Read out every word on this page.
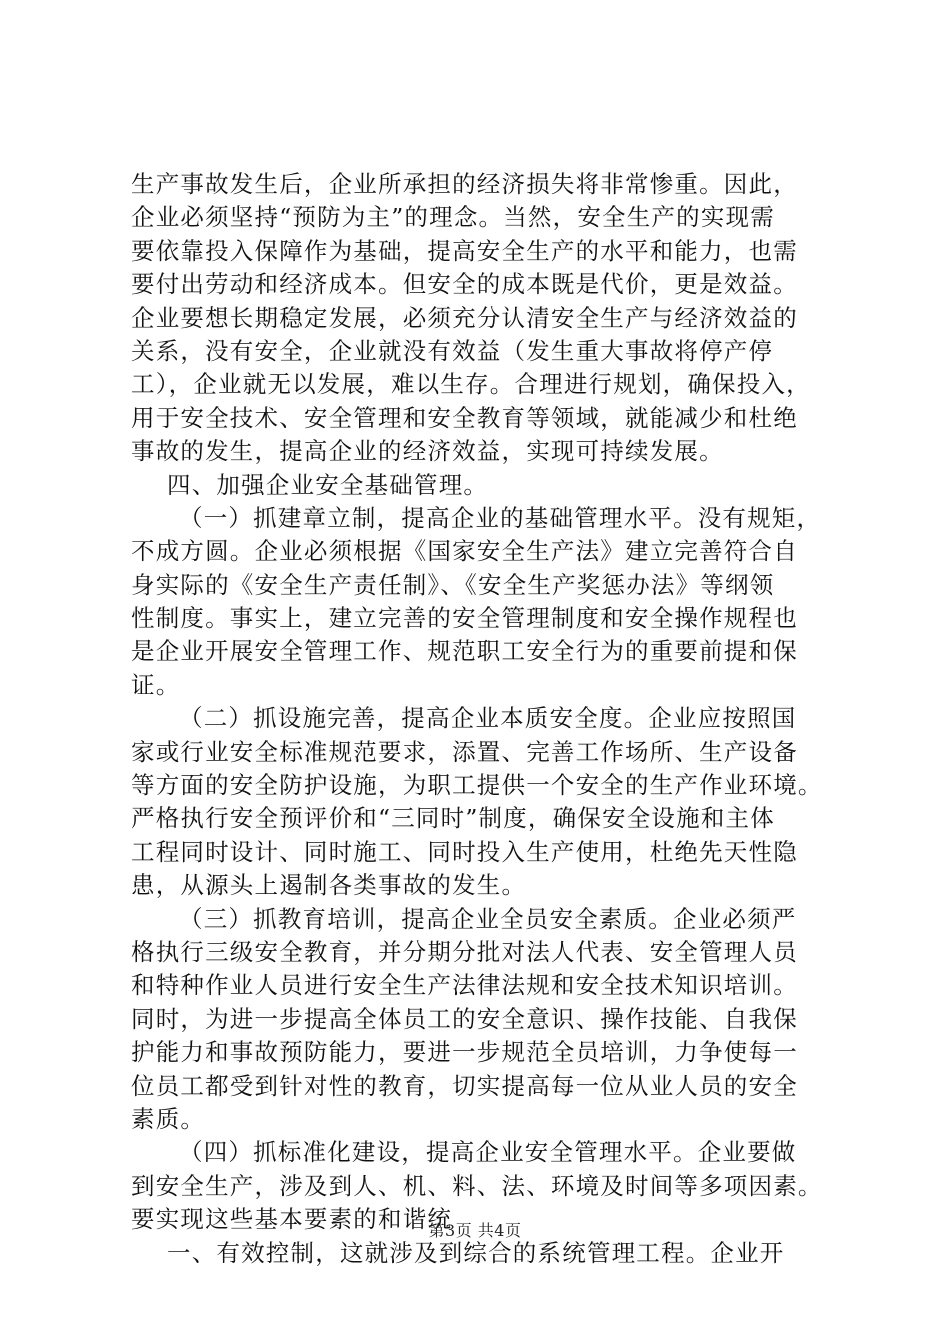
生产事故发生后，企业所承担的经济损失将非常惨重。因此，
企业必须坚持“预防为主”的理念。当然，安全生产的实现需
要依靠投入保障作为基础，提高安全生产的水平和能力，也需
要付出劳动和经济成本。但安全的成本既是代价，更是效益。
企业要想长期稳定发展，必须充分认清安全生产与经济效益的
关系，没有安全，企业就没有效益（发生重大事故将停产停
工），企业就无以发展，难以生存。合理进行规划，确保投入，
用于安全技术、安全管理和安全教育等领域，就能减少和杜绝
事故的发生，提高企业的经济效益，实现可持续发展。
四、加强企业安全基础管理。
（一）抓建章立制，提高企业的基础管理水平。没有规矩，
不成方圆。企业必须根据《国家安全生产法》建立完善符合自
身实际的《安全生产责任制》、《安全生产奖惩办法》等纲领
性制度。事实上，建立完善的安全管理制度和安全操作规程也
是企业开展安全管理工作、规范职工安全行为的重要前提和保
证。
（二）抓设施完善，提高企业本质安全度。企业应按照国
家或行业安全标准规范要求，添置、完善工作场所、生产设备
等方面的安全防护设施，为职工提供一个安全的生产作业环境。
严格执行安全预评价和“三同时”制度，确保安全设施和主体
工程同时设计、同时施工、同时投入生产使用，杜绝先天性隐
患，从源头上遏制各类事故的发生。
（三）抓教育培训，提高企业全员安全素质。企业必须严
格执行三级安全教育，并分期分批对法人代表、安全管理人员
和特种作业人员进行安全生产法律法规和安全技术知识培训。
同时，为进一步提高全体员工的安全意识、操作技能、自我保
护能力和事故预防能力，要进一步规范全员培训，力争使每一
位员工都受到针对性的教育，切实提高每一位从业人员的安全
素质。
（四）抓标准化建设，提高企业安全管理水平。企业要做
到安全生产，涉及到人、机、料、法、环境及时间等多项因素。
要实现这些基本要素的和谐统
一、有效控制，这就涉及到综合的系统管理工程。企业开
第3页 共4页
